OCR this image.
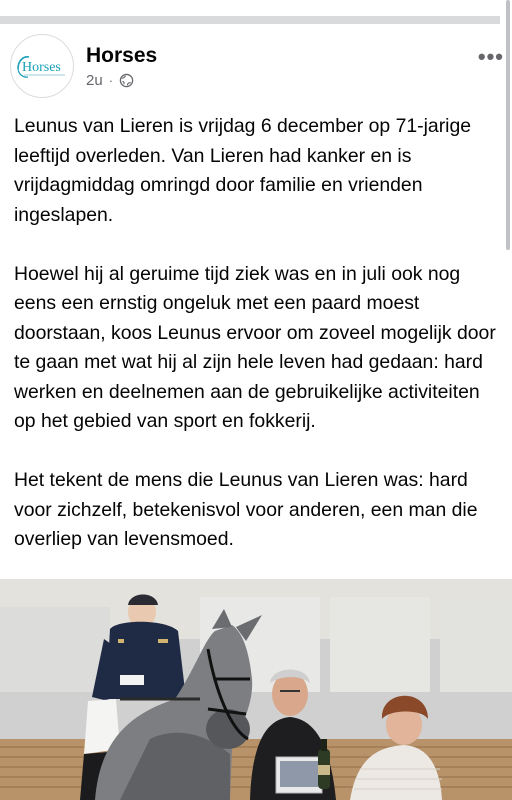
Horses
Horses
2u ·
•••

Leunus van Lieren is vrijdag 6 december op 71-jarige leeftijd overleden. Van Lieren had kanker en is vrijdagmiddag omringd door familie en vrienden ingeslapen.

Hoewel hij al geruime tijd ziek was en in juli ook nog eens een ernstig ongeluk met een paard moest doorstaan, koos Leunus ervoor om zoveel mogelijk door te gaan met wat hij al zijn hele leven had gedaan: hard werken en deelnemen aan de gebruikelijke activiteiten op het gebied van sport en fokkerij.

Het tekent de mens die Leunus van Lieren was: hard voor zichzelf, betekenisvol voor anderen, een man die overliep van levensmoed.
